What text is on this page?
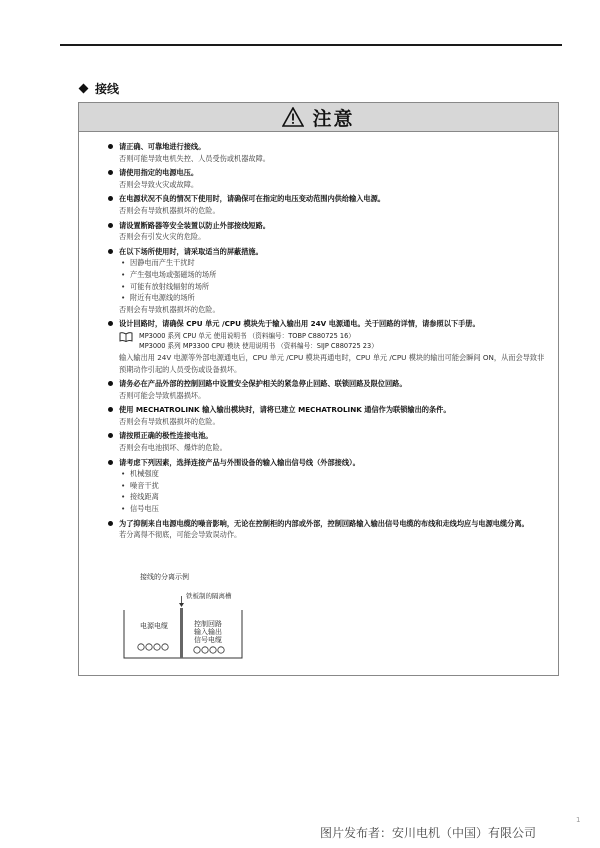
接线
注意
请正确、可靠地进行接线。
否则可能导致电机失控、人员受伤或机器故障。
请使用指定的电源电压。
否则会导致火灾或故障。
在电源状况不良的情况下使用时，请确保可在指定的电压变动范围内供给输入电源。
否则会有导致机器损坏的危险。
请设置断路器等安全装置以防止外部接线短路。
否则会有引发火灾的危险。
在以下场所使用时，请采取适当的屏蔽措施。
• 因静电而产生干扰时
• 产生强电场或强磁场的场所
• 可能有放射线辐射的场所
• 附近有电源线的场所
否则会有导致机器损坏的危险。
设计回路时，请确保 CPU 单元 /CPU 模块先于输入输出用 24V 电源通电。关于回路的详情，请参照以下手册。
MP3000 系列 CPU 单元 使用说明书 （资料编号：TOBP C880725 16）
MP3000 系列 MP3300 CPU 模块 使用说明书 （资料编号：SIJP C880725 23）
输入输出用 24V 电源等外部电源通电后，CPU 单元 /CPU 模块再通电时，CPU 单元 /CPU 模块的输出可能会瞬间 ON，从而会导致非预期动作引起的人员受伤或设备损坏。
请务必在产品外部的控制回路中设置安全保护相关的紧急停止回路、联锁回路及限位回路。
否则可能会导致机器损坏。
使用 MECHATROLINK 输入输出模块时，请将已建立 MECHATROLINK 通信作为联锁输出的条件。
否则会有导致机器损坏的危险。
请按照正确的极性连接电池。
否则会有电池损坏、爆炸的危险。
请考虑下列因素，选择连接产品与外围设备的输入输出信号线（外部接线）。
• 机械强度
• 噪音干扰
• 接线距离
• 信号电压
为了抑制来自电源电缆的噪音影响，无论在控制柜的内部或外部，控制回路输入输出信号电缆的布线和走线均应与电源电缆分离。
若分离得不彻底，可能会导致误动作。
接线的分离示例
铁板制的隔离槽
电源电缆	控制回路
输入输出
信号电缆
1
图片发布者：安川电机（中国）有限公司
